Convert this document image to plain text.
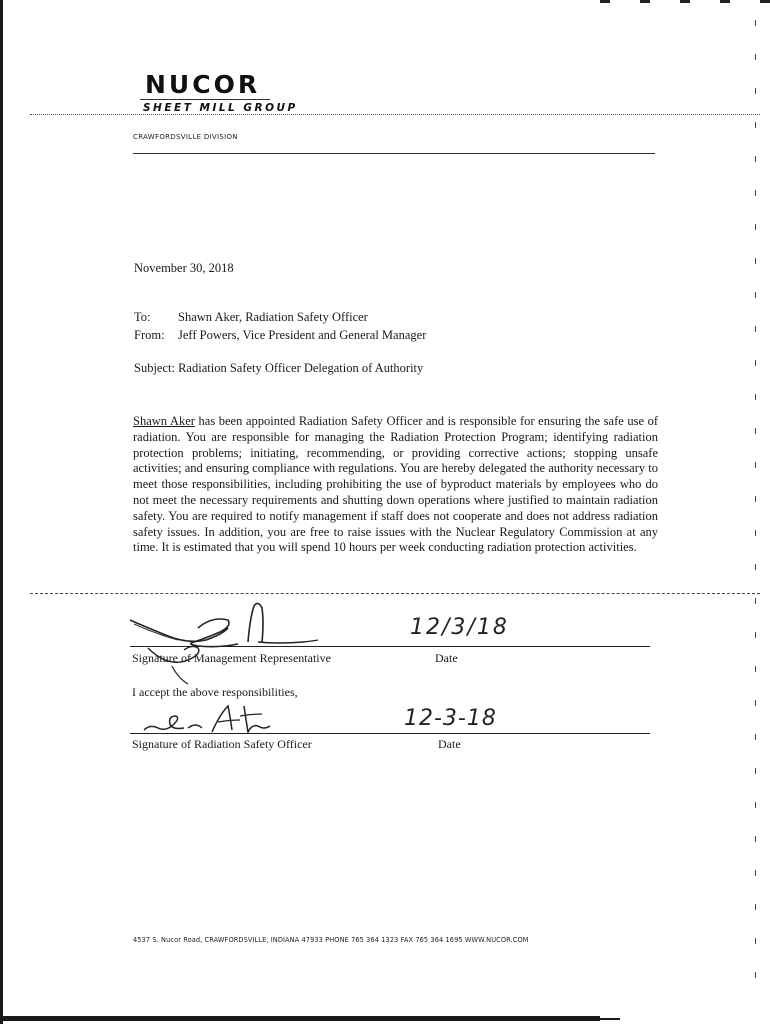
NUCOR
SHEET MILL GROUP
CRAWFORDSVILLE DIVISION
November 30, 2018
To: Shawn Aker, Radiation Safety Officer
From: Jeff Powers, Vice President and General Manager
Subject: Radiation Safety Officer Delegation of Authority
Shawn Aker has been appointed Radiation Safety Officer and is responsible for ensuring the safe use of radiation. You are responsible for managing the Radiation Protection Program; identifying radiation protection problems; initiating, recommending, or providing corrective actions; stopping unsafe activities; and ensuring compliance with regulations. You are hereby delegated the authority necessary to meet those responsibilities, including prohibiting the use of byproduct materials by employees who do not meet the necessary requirements and shutting down operations where justified to maintain radiation safety. You are required to notify management if staff does not cooperate and does not address radiation safety issues. In addition, you are free to raise issues with the Nuclear Regulatory Commission at any time. It is estimated that you will spend 10 hours per week conducting radiation protection activities.
12/3/18
Signature of Management Representative	Date
I accept the above responsibilities,
12-3-18
Signature of Radiation Safety Officer	Date
4537 S. Nucor Road, CRAWFORDSVILLE, INDIANA 47933 PHONE 765 364 1323 FAX 765 364 1695 WWW.NUCOR.COM
